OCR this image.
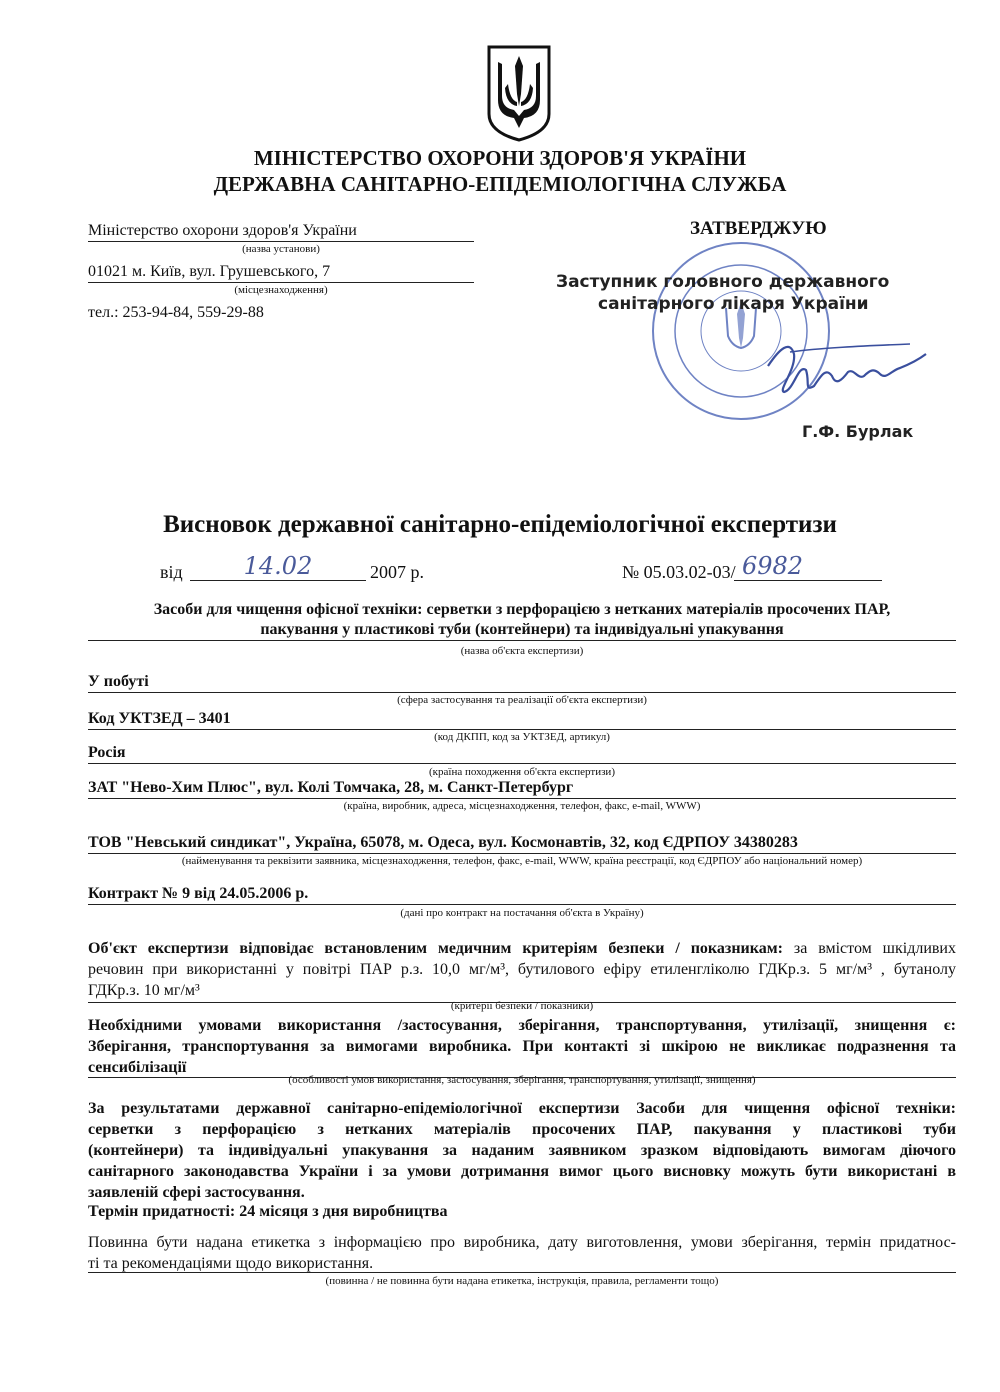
МІНІСТЕРСТВО ОХОРОНИ ЗДОРОВ'Я УКРАЇНИ
ДЕРЖАВНА САНІТАРНО-ЕПІДЕМІОЛОГІЧНА СЛУЖБА
Міністерство охорони здоров'я України
(назва установи)
01021 м. Київ, вул. Грушевського, 7
(місцезнаходження)
тел.: 253-94-84, 559-29-88
ЗАТВЕРДЖУЮ
Заступник головного державного
санітарного лікаря України
Г.Ф. Бурлак
Висновок державної санітарно-епідеміологічної експертизи
від	14.02	2007 р.	№ 05.03.02-03/ 6982
Засоби для чищення офісної техніки: серветки з перфорацією з нетканих матеріалів просочених ПАР,
пакування у пластикові туби (контейнери) та індивідуальні упакування
(назва об'єкта експертизи)
У побуті
(сфера застосування та реалізації об'єкта експертизи)
Код УКТЗЕД – 3401
(код ДКПП, код за УКТЗЕД, артикул)
Росія
(країна походження об'єкта експертизи)
ЗАТ "Нево-Хим Плюс", вул. Колі Томчака, 28, м. Санкт-Петербург
(країна, виробник, адреса, місцезнаходження, телефон, факс, e-mail, WWW)
ТОВ "Невський синдикат", Україна, 65078, м. Одеса, вул. Космонавтів, 32, код ЄДРПОУ 34380283
(найменування та реквізити заявника, місцезнаходження, телефон, факс, e-mail, WWW, країна реєстрації, код ЄДРПОУ або національний номер)
Контракт № 9 від 24.05.2006 р.
(дані про контракт на постачання об'єкта в Україну)
Об'єкт експертизи відповідає встановленим медичним критеріям безпеки / показникам: за вмістом шкідливих
речовин при використанні у повітрі ПАР р.з. 10,0 мг/м³, бутилового ефіру етиленгліколю ГДКр.з. 5 мг/м³ , бутанолу
ГДКр.з. 10 мг/м³
(критерії безпеки / показники)
Необхідними умовами використання /застосування, зберігання, транспортування, утилізації, знищення є:
Зберігання, транспортування за вимогами виробника. При контакті зі шкірою не викликає подразнення та
сенсибілізації
(особливості умов використання, застосування, зберігання, транспортування, утилізації, знищення)
За результатами державної санітарно-епідеміологічної експертизи Засоби для чищення офісної техніки:
серветки з перфорацією з нетканих матеріалів просочених ПАР, пакування у пластикові туби
(контейнери) та індивідуальні упакування за наданим заявником зразком відповідають вимогам діючого
санітарного законодавства України і за умови дотримання вимог цього висновку можуть бути використані в
заявленій сфері застосування.
Термін придатності: 24 місяця з дня виробництва
Повинна бути надана етикетка з інформацією про виробника, дату виготовлення, умови зберігання, термін придатнос-
ті та рекомендаціями щодо використання.
(повинна / не повинна бути надана етикетка, інструкція, правила, регламенти тощо)
